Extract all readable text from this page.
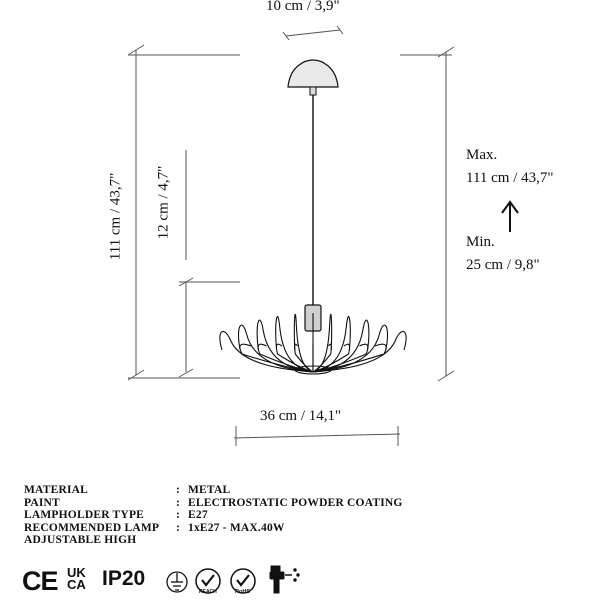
10 cm / 3,9"
111 cm / 43,7" 12 cm / 4,7"
36 cm / 14,1"
Max.
111 cm / 43,7"
Min.
25 cm / 9,8"
MATERIAL	: METAL
PAINT	: ELECTROSTATIC POWDER COATING
LAMPHOLDER TYPE	: E27
RECOMMENDED LAMP	: 1xE27 - MAX.40W
ADJUSTABLE HIGH
CE UK
CA IP20
REACH	RoHS
